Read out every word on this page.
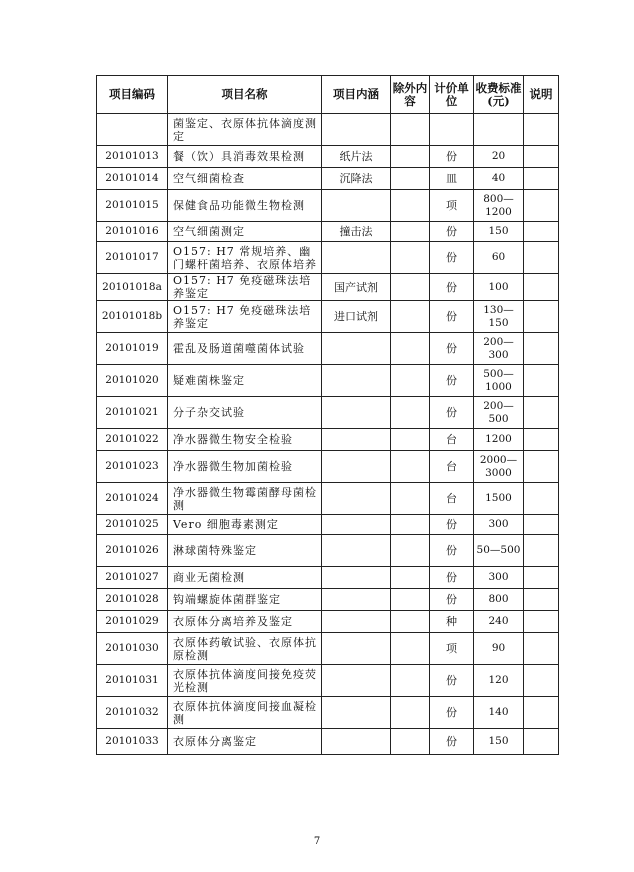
项目编码	项目名称	项目内涵	除外内容	计价单位	收费标准(元)	说明
	菌鉴定、衣原体抗体滴度测定					
20101013	餐（饮）具消毒效果检测	纸片法		份	20	
20101014	空气细菌检查	沉降法		皿	40	
20101015	保健食品功能微生物检测			项	800—1200	
20101016	空气细菌测定	撞击法		份	150	
20101017	O157: H7 常规培养、幽门螺杆菌培养、衣原体培养			份	60	
20101018a	O157: H7 免疫磁珠法培养鉴定	国产试剂		份	100	
20101018b	O157: H7 免疫磁珠法培养鉴定	进口试剂		份	130—150	
20101019	霍乱及肠道菌噬菌体试验			份	200—300	
20101020	疑难菌株鉴定			份	500—1000	
20101021	分子杂交试验			份	200—500	
20101022	净水器微生物安全检验			台	1200	
20101023	净水器微生物加菌检验			台	2000—3000	
20101024	净水器微生物霉菌酵母菌检测			台	1500	
20101025	Vero 细胞毒素测定			份	300	
20101026	淋球菌特殊鉴定			份	50—500	
20101027	商业无菌检测			份	300	
20101028	钩端螺旋体菌群鉴定			份	800	
20101029	衣原体分离培养及鉴定			种	240	
20101030	衣原体药敏试验、衣原体抗原检测			项	90	
20101031	衣原体抗体滴度间接免疫荧光检测			份	120	
20101032	衣原体抗体滴度间接血凝检测			份	140	
20101033	衣原体分离鉴定			份	150	
7
